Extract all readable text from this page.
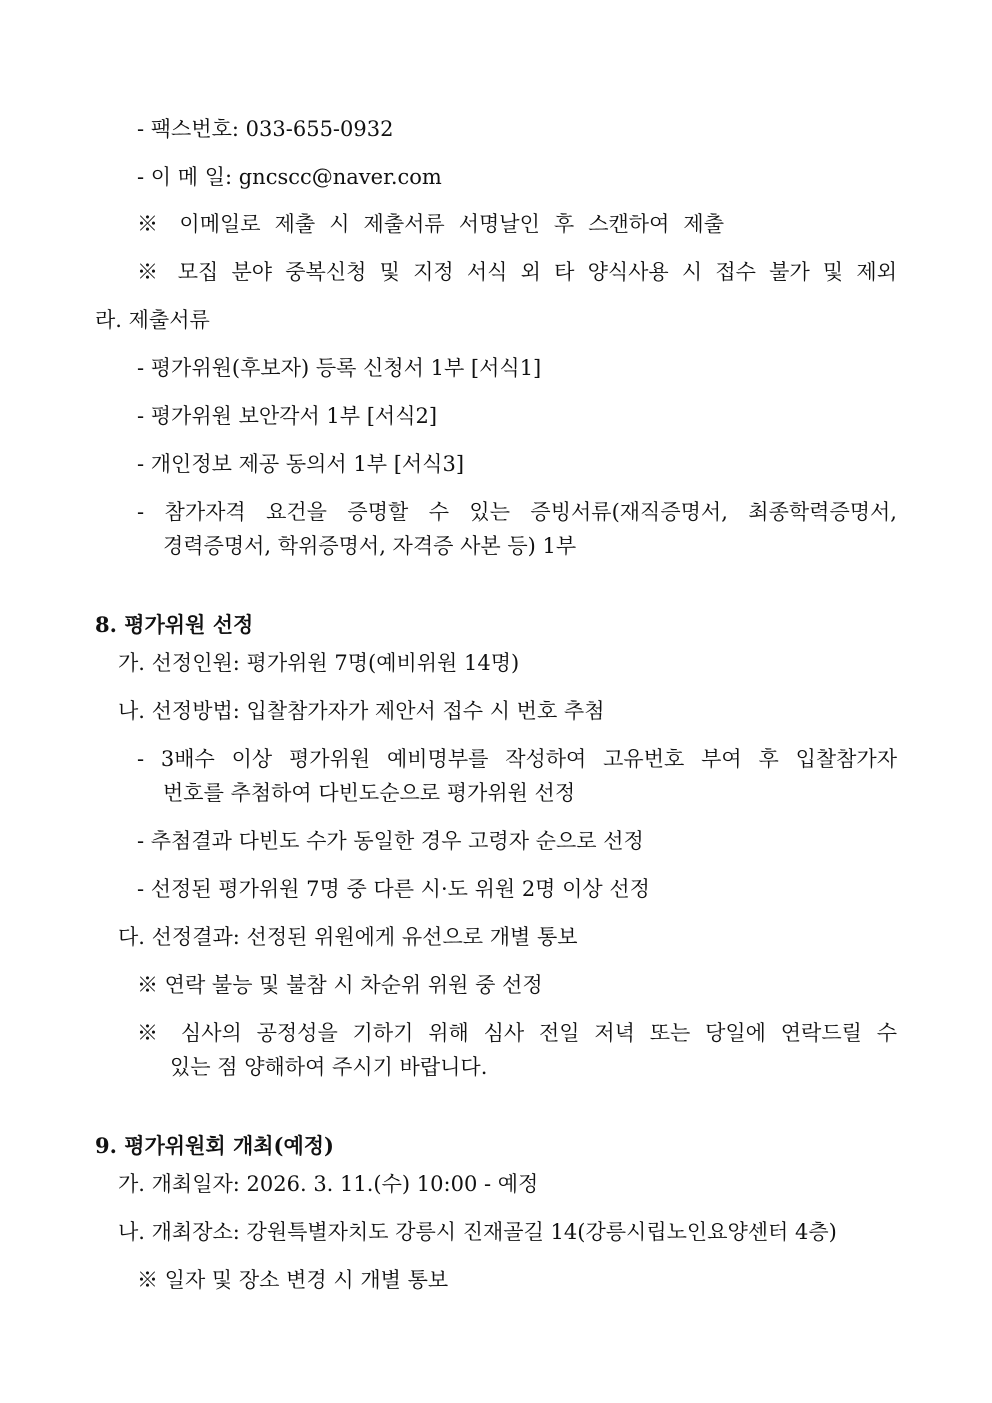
- 팩스번호: 033-655-0932
- 이 메 일: gncscc@naver.com
※ 이메일로 제출 시 제출서류 서명날인 후 스캔하여 제출
※ 모집 분야 중복신청 및 지정 서식 외 타 양식사용 시 접수 불가 및 제외
라. 제출서류
- 평가위원(후보자) 등록 신청서 1부 [서식1]
- 평가위원 보안각서 1부 [서식2]
- 개인정보 제공 동의서 1부 [서식3]
- 참가자격 요건을 증명할 수 있는 증빙서류(재직증명서, 최종학력증명서,
경력증명서, 학위증명서, 자격증 사본 등) 1부
8. 평가위원 선정
가. 선정인원: 평가위원 7명(예비위원 14명)
나. 선정방법: 입찰참가자가 제안서 접수 시 번호 추첨
- 3배수 이상 평가위원 예비명부를 작성하여 고유번호 부여 후 입찰참가자
번호를 추첨하여 다빈도순으로 평가위원 선정
- 추첨결과 다빈도 수가 동일한 경우 고령자 순으로 선정
- 선정된 평가위원 7명 중 다른 시·도 위원 2명 이상 선정
다. 선정결과: 선정된 위원에게 유선으로 개별 통보
※ 연락 불능 및 불참 시 차순위 위원 중 선정
※ 심사의 공정성을 기하기 위해 심사 전일 저녁 또는 당일에 연락드릴 수
있는 점 양해하여 주시기 바랍니다.
9. 평가위원회 개최(예정)
가. 개최일자: 2026. 3. 11.(수) 10:00 - 예정
나. 개최장소: 강원특별자치도 강릉시 진재골길 14(강릉시립노인요양센터 4층)
※ 일자 및 장소 변경 시 개별 통보
